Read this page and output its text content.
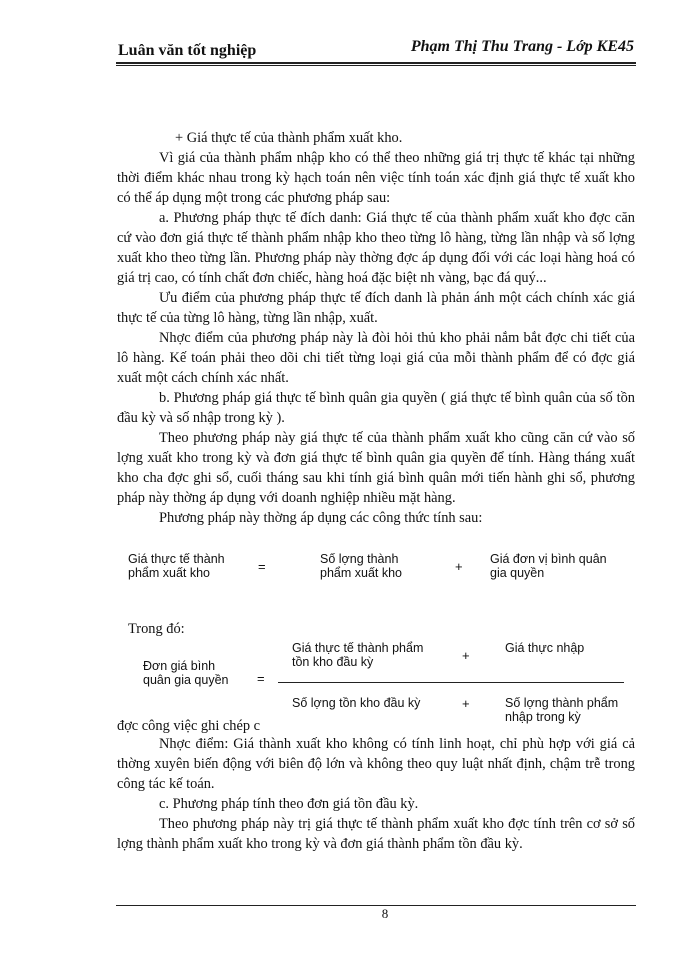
Luân văn tốt nghiệp	Phạm Thị Thu Trang - Lớp KE45

+ Giá thực tế của thành phẩm xuất kho.

Vì giá của thành phẩm nhập kho có thể theo những giá trị thực tế khác tại những thời điểm khác nhau trong kỳ hạch toán nên việc tính toán xác định giá thực tế xuất kho có thể áp dụng một trong các phương pháp sau:

a. Phương pháp thực tế đích danh: Giá thực tế của thành phẩm xuất kho đợc căn cứ vào đơn giá thực tế thành phẩm nhập kho theo từng lô hàng, từng lần nhập và số lợng xuất kho theo từng lần. Phương pháp này thờng đợc áp dụng đối với các loại hàng hoá có giá trị cao, có tính chất đơn chiếc, hàng hoá đặc biệt nh vàng, bạc đá quý...

Ưu điểm của phương pháp thực tế đích danh là phản ánh một cách chính xác giá thực tế của từng lô hàng, từng lần nhập, xuất.

Nhợc điểm của phương pháp này là đòi hỏi thủ kho phải nắm bắt đợc chi tiết của lô hàng. Kế toán phải theo dõi chi tiết từng loại giá của mỗi thành phẩm để có đợc giá xuất một cách chính xác nhất.

b. Phương pháp giá thực tế bình quân gia quyền ( giá thực tế bình quân của số tồn đầu kỳ và số nhập trong kỳ ).

Theo phương pháp này giá thực tế của thành phẩm xuất kho cũng căn cứ vào số lợng xuất kho trong kỳ và đơn giá thực tế bình quân gia quyền để tính. Hàng tháng xuất kho cha đợc ghi sổ, cuối tháng sau khi tính giá bình quân mới tiến hành ghi sổ, phương pháp này thờng áp dụng với doanh nghiệp nhiều mặt hàng.

Phương pháp này thờng áp dụng các công thức tính sau:

Giá thực tế thành phẩm xuất kho	=	Số lợng thành phẩm xuất kho	+ Giá đơn vị bình quân gia quyền
Trong đó:
Đơn giá bình quân gia quyền	=
Giá thực tế thành phẩm tồn kho đầu kỳ	+	Giá thực nhập
Số lợng tồn kho đầu kỳ	+	Số lợng thành phẩm nhập trong kỳ
đợc công việc ghi chép c

Nhợc điểm: Giá thành xuất kho không có tính linh hoạt, chỉ phù hợp với giá cả thờng xuyên biến động với biên độ lớn và không theo quy luật nhất định, chậm trễ trong công tác kế toán.

c. Phương pháp tính theo đơn giá tồn đầu kỳ.

Theo phương pháp này trị giá thực tế thành phẩm xuất kho đợc tính trên cơ sở số lợng thành phẩm xuất kho trong kỳ và đơn giá thành phẩm tồn đầu kỳ.

8
